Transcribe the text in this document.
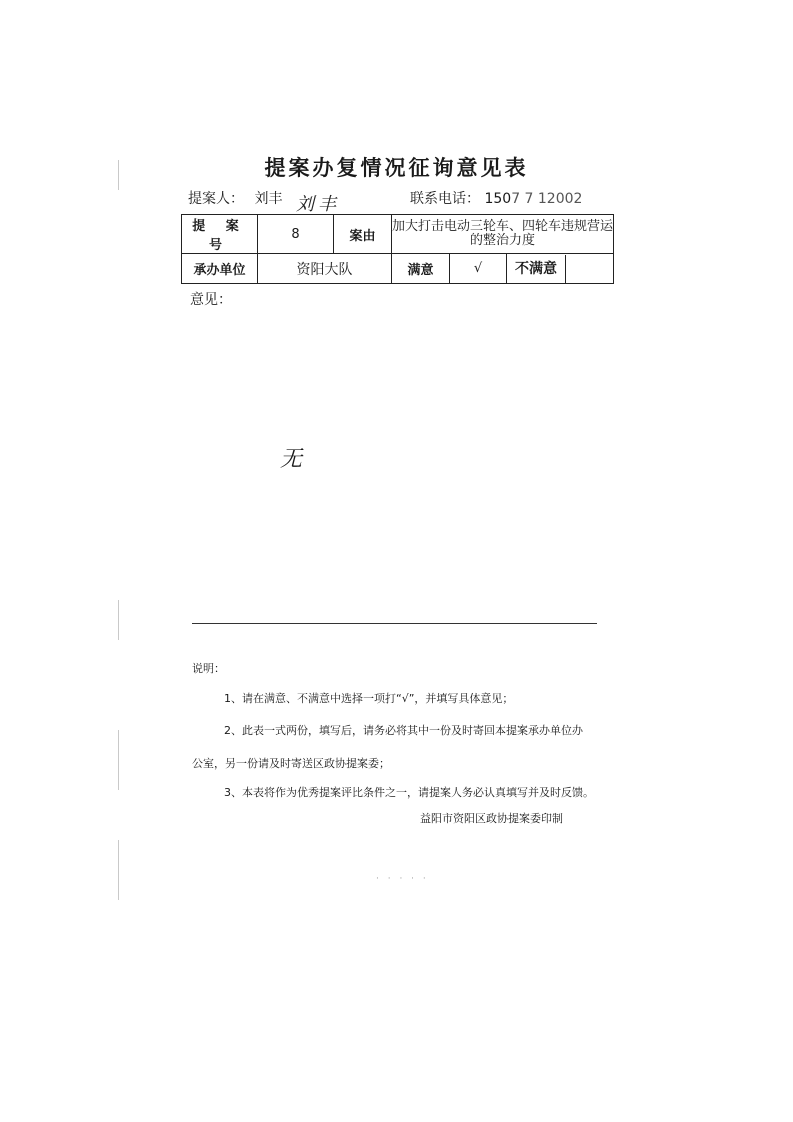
提案办复情况征询意见表
提案人： 刘丰 刘丰	联系电话： 1507 7 12002
提 案 号	8	案由	加大打击电动三轮车、四轮车违规营运的整治力度		
承办单位	资阳大队		满意	√	不满意
意见：
无
说明：
1、请在满意、不满意中选择一项打“√”，并填写具体意见；
2、此表一式两份，填写后，请务必将其中一份及时寄回本提案承办单位办
公室，另一份请及时寄送区政协提案委；
3、本表将作为优秀提案评比条件之一，请提案人务必认真填写并及时反馈。
益阳市资阳区政协提案委印制
· · · · ·
